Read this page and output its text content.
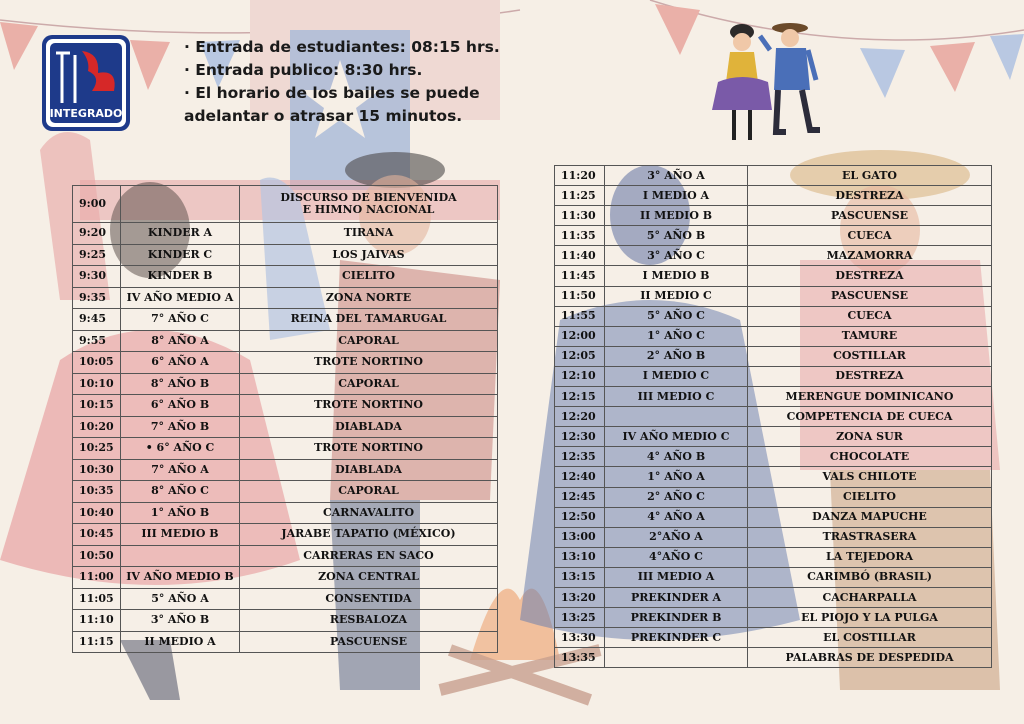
INTEGRADO
· Entrada de estudiantes: 08:15 hrs.
· Entrada publico: 8:30 hrs.
· El horario de los bailes se puede adelantar o atrasar 15 minutos.
9:00		DISCURSO DE BIENVENIDA
E HIMNO NACIONAL
9:20	KINDER A	TIRANA
9:25	KINDER C	LOS JAIVAS
9:30	KINDER B	CIELITO
9:35	IV AÑO MEDIO A	ZONA NORTE
9:45	7° AÑO C	REINA DEL TAMARUGAL
9:55	8° AÑO A	CAPORAL
10:05	6° AÑO A	TROTE NORTINO
10:10	8° AÑO B	CAPORAL
10:15	6° AÑO B	TROTE NORTINO
10:20	7° AÑO B	DIABLADA
10:25	• 6° AÑO C	TROTE NORTINO
10:30	7° AÑO A	DIABLADA
10:35	8° AÑO C	CAPORAL
10:40	1° AÑO B	CARNAVALITO
10:45	III MEDIO B	JARABE TAPATIO (MÉXICO)
10:50		CARRERAS EN SACO
11:00	IV AÑO MEDIO B	ZONA CENTRAL
11:05	5° AÑO A	CONSENTIDA
11:10	3° AÑO B	RESBALOZA
11:15	II MEDIO A	PASCUENSE
11:20	3° AÑO A	EL GATO
11:25	I MEDIO A	DESTREZA
11:30	II MEDIO B	PASCUENSE
11:35	5° AÑO B	CUECA
11:40	3° AÑO C	MAZAMORRA
11:45	I MEDIO B	DESTREZA
11:50	II MEDIO C	PASCUENSE
11:55	5° AÑO C	CUECA
12:00	1° AÑO C	TAMURE
12:05	2° AÑO B	COSTILLAR
12:10	I MEDIO C	DESTREZA
12:15	III MEDIO C	MERENGUE DOMINICANO
12:20		COMPETENCIA DE CUECA
12:30	IV AÑO MEDIO C	ZONA SUR
12:35	4° AÑO B	CHOCOLATE
12:40	1° AÑO A	VALS CHILOTE
12:45	2° AÑO C	CIELITO
12:50	4° AÑO A	DANZA MAPUCHE
13:00	2°AÑO A	TRASTRASERA
13:10	4°AÑO C	LA TEJEDORA
13:15	III MEDIO A	CARIMBÓ (BRASIL)
13:20	PREKINDER A	CACHARPALLA
13:25	PREKINDER B	EL PIOJO Y LA PULGA
13:30	PREKINDER C	EL COSTILLAR
13:35		PALABRAS DE DESPEDIDA
